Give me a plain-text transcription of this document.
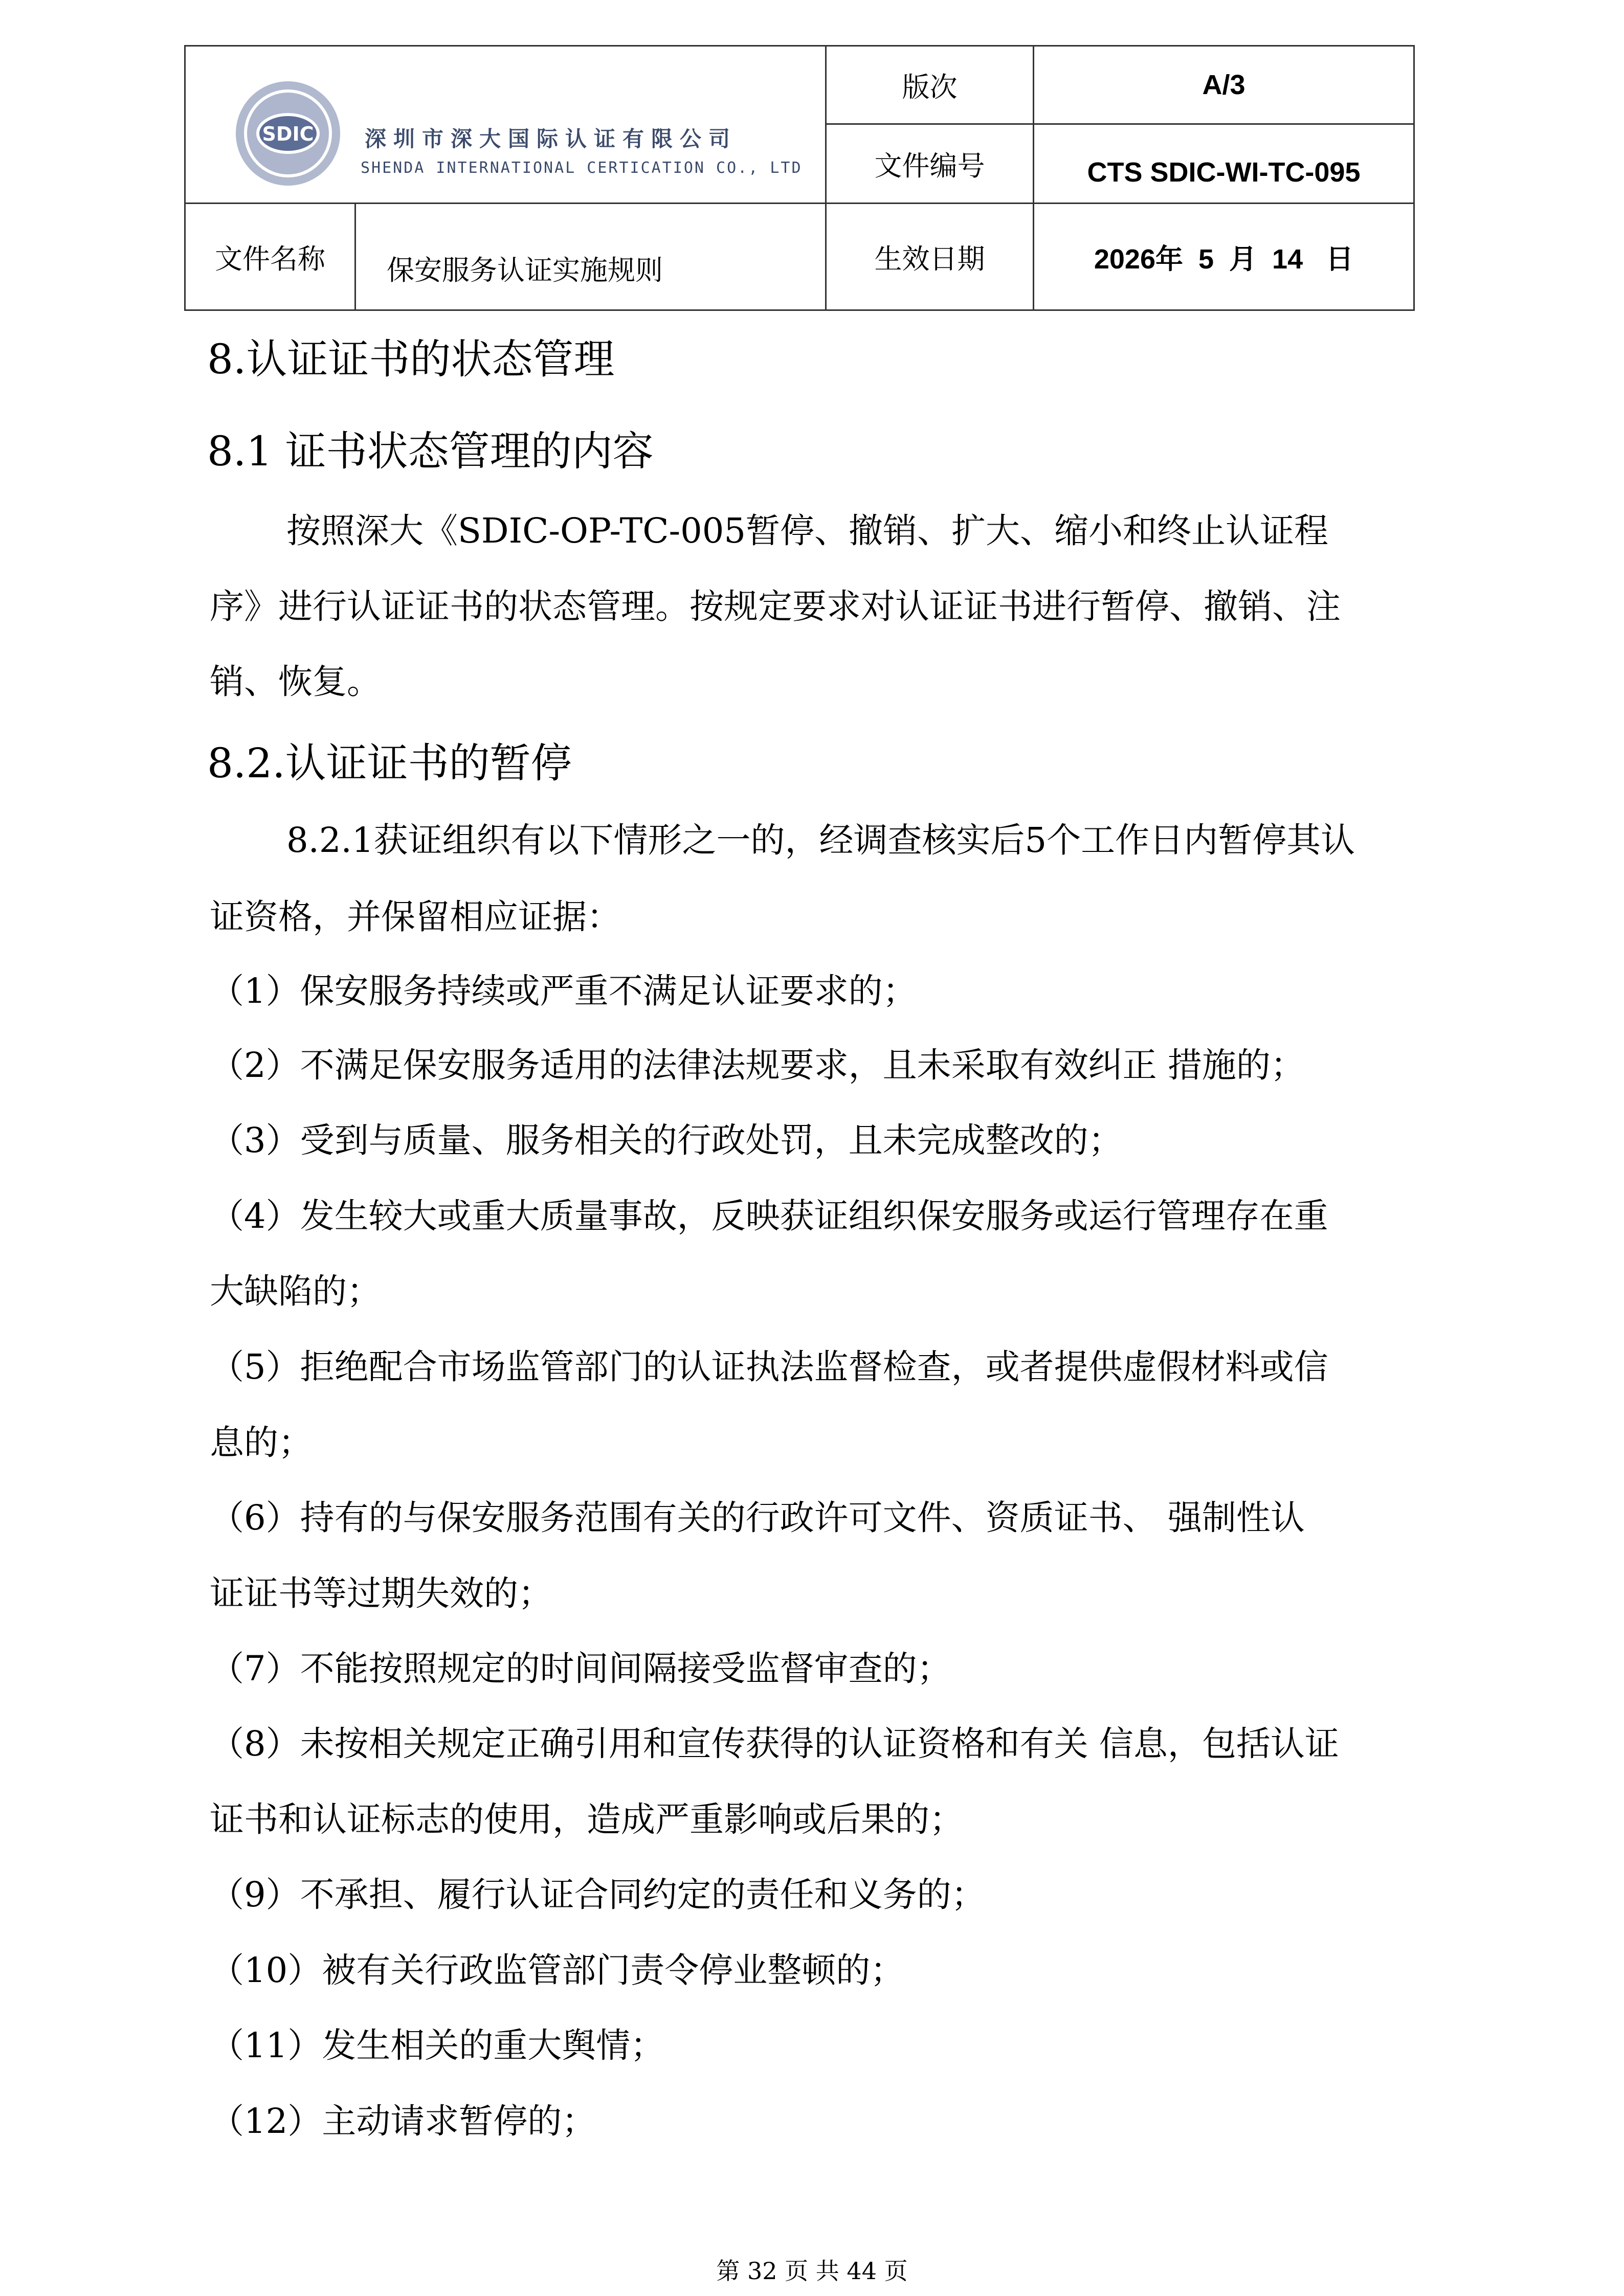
SDIC 深圳市深大国际认证有限公司
SHENDA INTERNATIONAL CERTICATION CO., LTD
版次	A/3
文件编号	CTS SDIC-WI-TC-095
文件名称	保安服务认证实施规则	生效日期	2026年  5  月  14   日
8.认证证书的状态管理
8.1 证书状态管理的内容
按照深大《SDIC-OP-TC-005暂停、撤销、扩大、缩小和终止认证程
序》进行认证证书的状态管理。按规定要求对认证证书进行暂停、撤销、注
销、恢复。
8.2.认证证书的暂停
8.2.1获证组织有以下情形之一的，经调查核实后5个工作日内暂停其认
证资格，并保留相应证据：
（1）保安服务持续或严重不满足认证要求的；
（2）不满足保安服务适用的法律法规要求，且未采取有效纠正 措施的；
（3）受到与质量、服务相关的行政处罚，且未完成整改的；
（4）发生较大或重大质量事故，反映获证组织保安服务或运行管理存在重
大缺陷的；
（5）拒绝配合市场监管部门的认证执法监督检查，或者提供虚假材料或信
息的；
（6）持有的与保安服务范围有关的行政许可文件、资质证书、 强制性认
证证书等过期失效的；
（7）不能按照规定的时间间隔接受监督审查的；
（8）未按相关规定正确引用和宣传获得的认证资格和有关 信息，包括认证
证书和认证标志的使用，造成严重影响或后果的；
（9）不承担、履行认证合同约定的责任和义务的；
（10）被有关行政监管部门责令停业整顿的；
（11）发生相关的重大舆情；
（12）主动请求暂停的；
第 32 页 共 44 页
